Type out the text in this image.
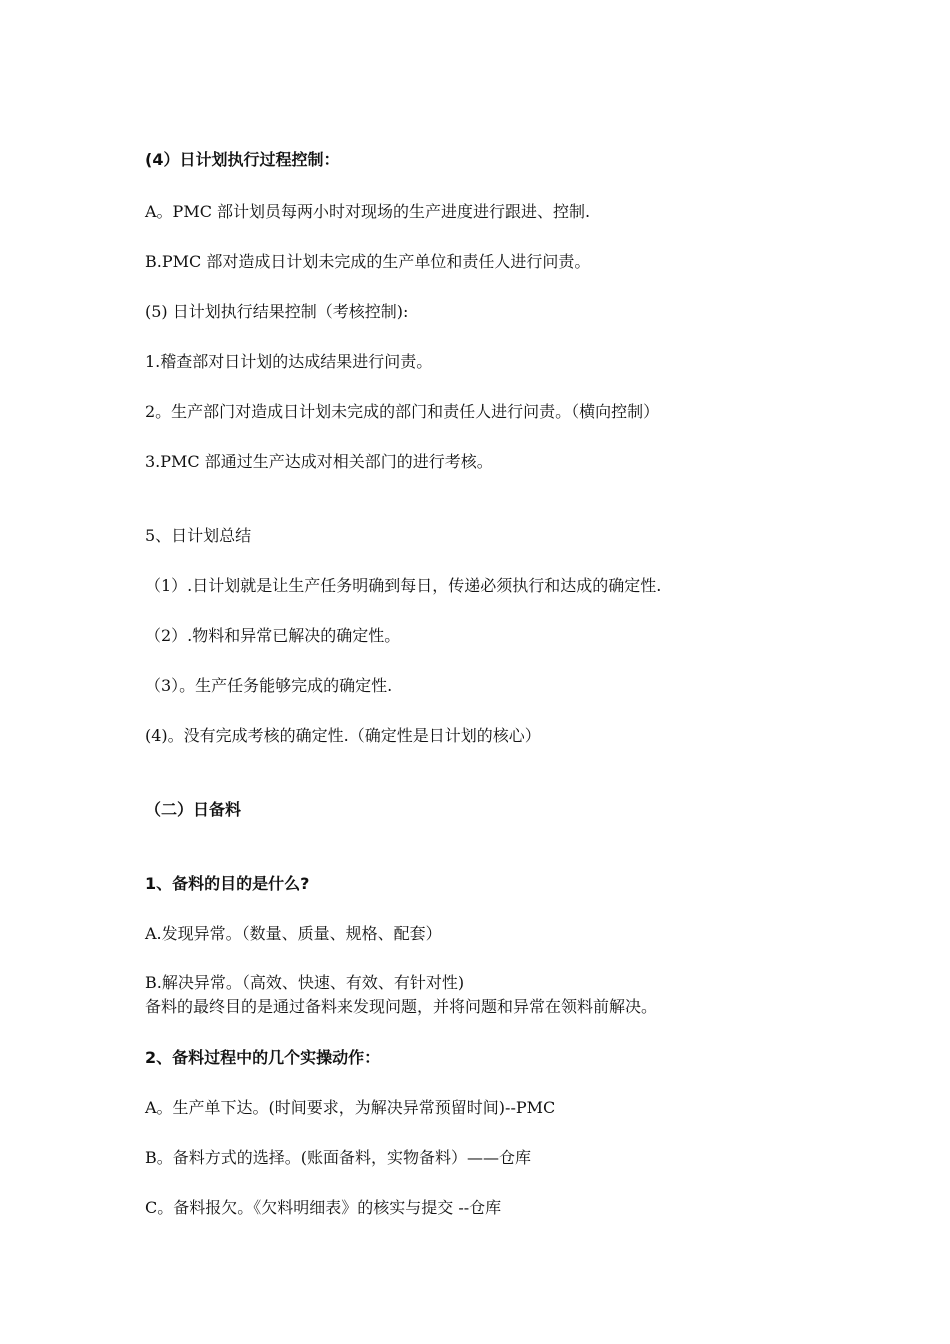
(4）日计划执行过程控制：

A。PMC 部计划员每两小时对现场的生产进度进行跟进、控制.

B.PMC 部对造成日计划未完成的生产单位和责任人进行问责。

(5) 日计划执行结果控制（考核控制):

1.稽查部对日计划的达成结果进行问责。

2。生产部门对造成日计划未完成的部门和责任人进行问责。（横向控制）

3.PMC 部通过生产达成对相关部门的进行考核。

5、日计划总结

（1）.日计划就是让生产任务明确到每日，传递必须执行和达成的确定性.

（2）.物料和异常已解决的确定性。

（3）。生产任务能够完成的确定性.

(4)。没有完成考核的确定性.（确定性是日计划的核心）

（二）日备料

1、备料的目的是什么?

A.发现异常。（数量、质量、规格、配套）

B.解决异常。（高效、快速、有效、有针对性)

备料的最终目的是通过备料来发现问题，并将问题和异常在领料前解决。

2、备料过程中的几个实操动作：

A。生产单下达。(时间要求，为解决异常预留时间)--PMC

B。备料方式的选择。(账面备料，实物备料）——仓库

C。备料报欠。《欠料明细表》的核实与提交 --仓库
